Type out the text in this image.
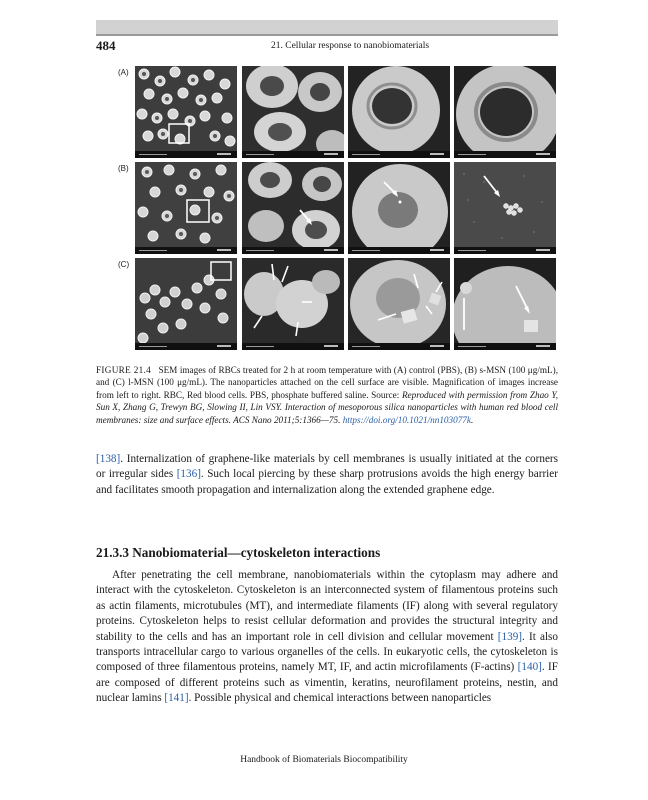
484	21. Cellular response to nanobiomaterials
(A)
(B)
(C)
FIGURE 21.4 SEM images of RBCs treated for 2 h at room temperature with (A) control (PBS), (B) s-MSN (100 μg/mL), and (C) l-MSN (100 μg/mL). The nanoparticles attached on the cell surface are visible. Magnification of images increase from left to right. RBC, Red blood cells. PBS, phosphate buffered saline. Source: Reproduced with permission from Zhao Y, Sun X, Zhang G, Trewyn BG, Slowing II, Lin VSY. Interaction of mesoporous silica nanoparticles with human red blood cell membranes: size and surface effects. ACS Nano 2011;5:1366—75. https://doi.org/10.1021/nn103077k.
[138]. Internalization of graphene-like materials by cell membranes is usually initiated at the corners or irregular sides [136]. Such local piercing by these sharp protrusions avoids the high energy barrier and facilitates smooth propagation and internalization along the extended graphene edge.
21.3.3 Nanobiomaterial—cytoskeleton interactions
After penetrating the cell membrane, nanobiomaterials within the cytoplasm may adhere and interact with the cytoskeleton. Cytoskeleton is an interconnected system of filamentous proteins such as actin filaments, microtubules (MT), and intermediate filaments (IF) along with several regulatory proteins. Cytoskeleton helps to resist cellular deformation and provides the structural integrity and stability to the cells and has an important role in cell division and cellular movement [139]. It also transports intracellular cargo to various organelles of the cells. In eukaryotic cells, the cytoskeleton is composed of three filamentous proteins, namely MT, IF, and actin microfilaments (F-actins) [140]. IF are composed of different proteins such as vimentin, keratins, neurofilament proteins, nestin, and nuclear lamins [141]. Possible physical and chemical interactions between nanoparticles
Handbook of Biomaterials Biocompatibility
